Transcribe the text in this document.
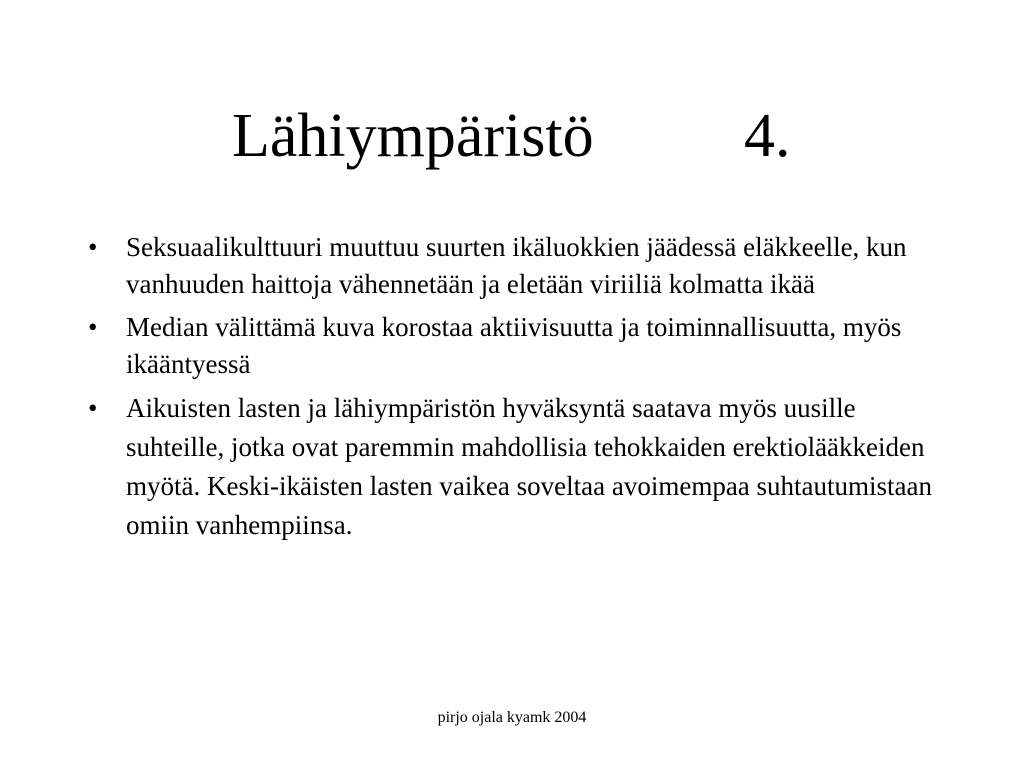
Lähiympäristö 4.
• Seksuaalikulttuuri muuttuu suurten ikäluokkien jäädessä eläkkeelle, kun vanhuuden haittoja vähennetään ja eletään viriiliä kolmatta ikää
• Median välittämä kuva korostaa aktiivisuutta ja toiminnallisuutta, myös ikääntyessä
• Aikuisten lasten ja lähiympäristön hyväksyntä saatava myös uusille suhteille, jotka ovat paremmin mahdollisia tehokkaiden erektiolääkkeiden myötä. Keski-ikäisten lasten vaikea soveltaa avoimempaa suhtautumistaan omiin vanhempiinsa.
pirjo ojala kyamk 2004
